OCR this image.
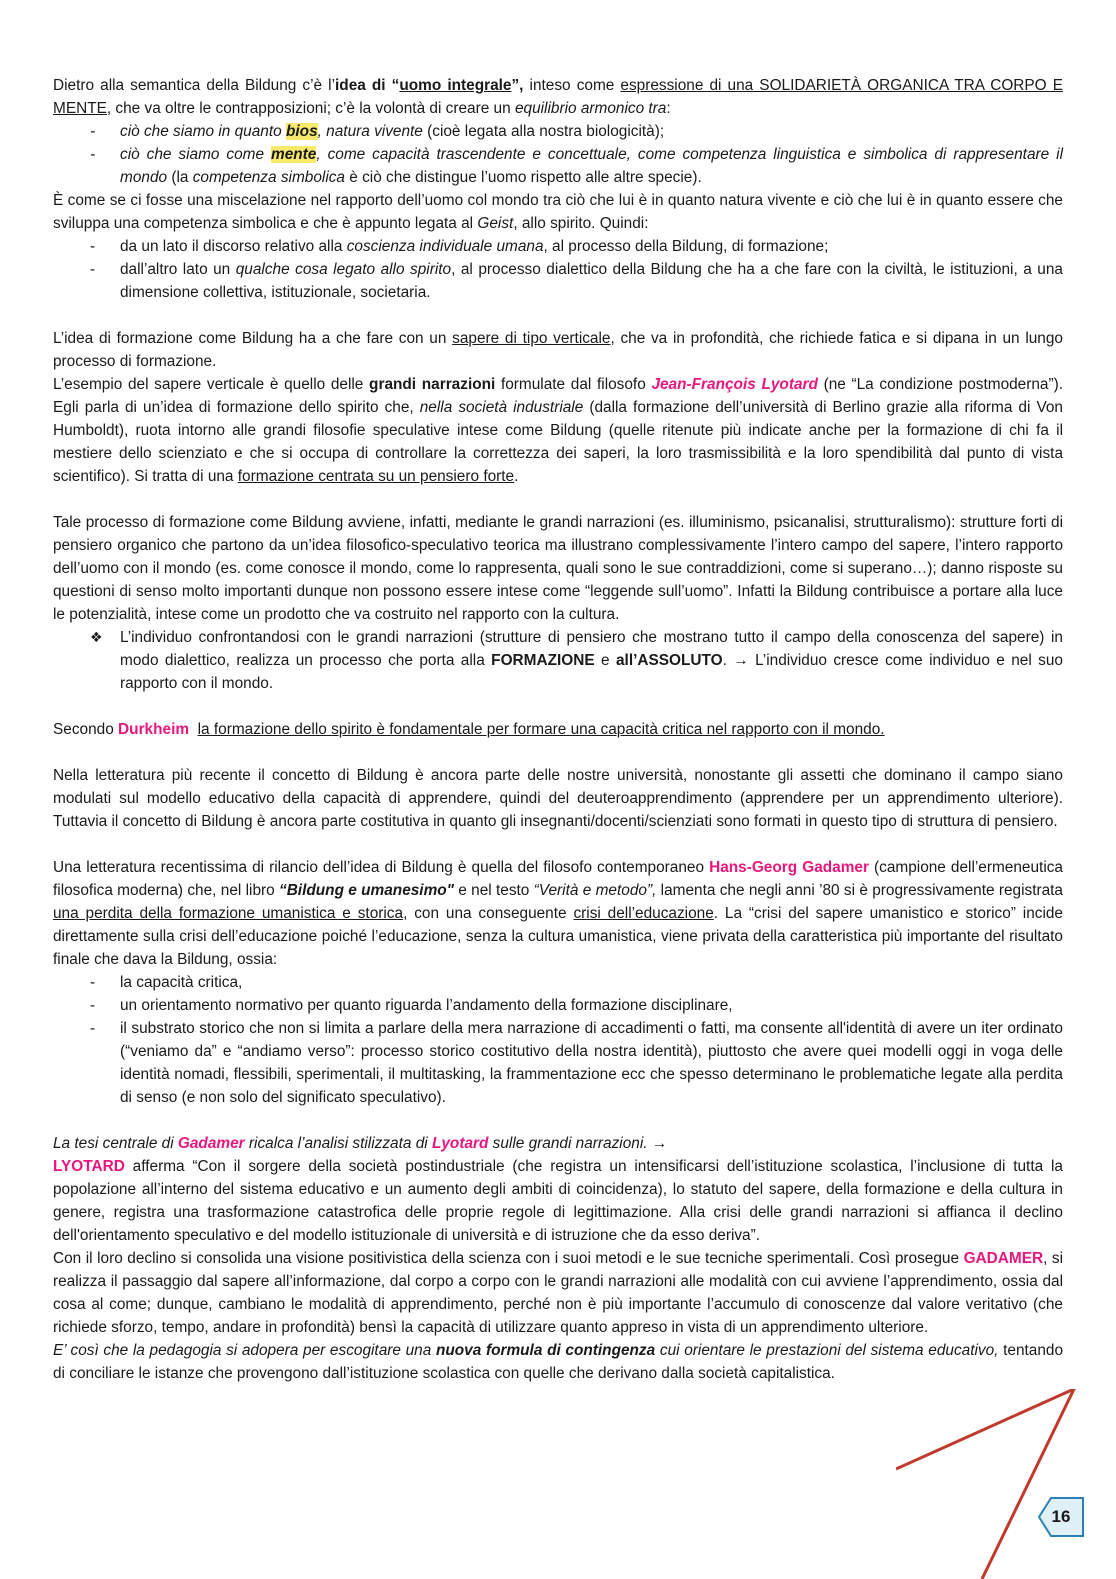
Dietro alla semantica della Bildung c’è l’idea di “uomo integrale”, inteso come espressione di una SOLIDARIETÀ ORGANICA TRA CORPO E MENTE, che va oltre le contrapposizioni; c’è la volontà di creare un equilibrio armonico tra:

- ciò che siamo in quanto bios, natura vivente (cioè legata alla nostra biologicità);
- ciò che siamo come mente, come capacità trascendente e concettuale, come competenza linguistica e simbolica di rappresentare il mondo (la competenza simbolica è ciò che distingue l’uomo rispetto alle altre specie).

È come se ci fosse una miscelazione nel rapporto dell’uomo col mondo tra ciò che lui è in quanto natura vivente e ciò che lui è in quanto essere che sviluppa una competenza simbolica e che è appunto legata al Geist, allo spirito. Quindi:

- da un lato il discorso relativo alla coscienza individuale umana, al processo della Bildung, di formazione;
- dall’altro lato un qualche cosa legato allo spirito, al processo dialettico della Bildung che ha a che fare con la civiltà, le istituzioni, a una dimensione collettiva, istituzionale, societaria.

L’idea di formazione come Bildung ha a che fare con un sapere di tipo verticale, che va in profondità, che richiede fatica e si dipana in un lungo processo di formazione.

L’esempio del sapere verticale è quello delle grandi narrazioni formulate dal filosofo Jean-François Lyotard (ne “La condizione postmoderna”). Egli parla di un’idea di formazione dello spirito che, nella società industriale (dalla formazione dell’università di Berlino grazie alla riforma di Von Humboldt), ruota intorno alle grandi filosofie speculative intese come Bildung (quelle ritenute più indicate anche per la formazione di chi fa il mestiere dello scienziato e che si occupa di controllare la correttezza dei saperi, la loro trasmissibilità e la loro spendibilità dal punto di vista scientifico). Si tratta di una formazione centrata su un pensiero forte.

Tale processo di formazione come Bildung avviene, infatti, mediante le grandi narrazioni (es. illuminismo, psicanalisi, strutturalismo): strutture forti di pensiero organico che partono da un’idea filosofico-speculativo teorica ma illustrano complessivamente l’intero campo del sapere, l’intero rapporto dell’uomo con il mondo (es. come conosce il mondo, come lo rappresenta, quali sono le sue contraddizioni, come si superano…); danno risposte su questioni di senso molto importanti dunque non possono essere intese come “leggende sull’uomo”. Infatti la Bildung contribuisce a portare alla luce le potenzialità, intese come un prodotto che va costruito nel rapporto con la cultura.

❖ L’individuo confrontandosi con le grandi narrazioni (strutture di pensiero che mostrano tutto il campo della conoscenza del sapere) in modo dialettico, realizza un processo che porta alla FORMAZIONE e all’ASSOLUTO. → L’individuo cresce come individuo e nel suo rapporto con il mondo.

Secondo Durkheim la formazione dello spirito è fondamentale per formare una capacità critica nel rapporto con il mondo.

Nella letteratura più recente il concetto di Bildung è ancora parte delle nostre università, nonostante gli assetti che dominano il campo siano modulati sul modello educativo della capacità di apprendere, quindi del deuteroapprendimento (apprendere per un apprendimento ulteriore). Tuttavia il concetto di Bildung è ancora parte costitutiva in quanto gli insegnanti/docenti/scienziati sono formati in questo tipo di struttura di pensiero.

Una letteratura recentissima di rilancio dell’idea di Bildung è quella del filosofo contemporaneo Hans-Georg Gadamer (campione dell’ermeneutica filosofica moderna) che, nel libro “Bildung e umanesimo" e nel testo “Verità e metodo”, lamenta che negli anni ’80 si è progressivamente registrata una perdita della formazione umanistica e storica, con una conseguente crisi dell’educazione. La “crisi del sapere umanistico e storico” incide direttamente sulla crisi dell’educazione poiché l’educazione, senza la cultura umanistica, viene privata della caratteristica più importante del risultato finale che dava la Bildung, ossia:

- la capacità critica,
- un orientamento normativo per quanto riguarda l’andamento della formazione disciplinare,
- il substrato storico che non si limita a parlare della mera narrazione di accadimenti o fatti, ma consente all'identità di avere un iter ordinato (“veniamo da” e “andiamo verso”: processo storico costitutivo della nostra identità), piuttosto che avere quei modelli oggi in voga delle identità nomadi, flessibili, sperimentali, il multitasking, la frammentazione ecc che spesso determinano le problematiche legate alla perdita di senso (e non solo del significato speculativo).

La tesi centrale di Gadamer ricalca l’analisi stilizzata di Lyotard sulle grandi narrazioni. →

LYOTARD afferma “Con il sorgere della società postindustriale (che registra un intensificarsi dell’istituzione scolastica, l’inclusione di tutta la popolazione all’interno del sistema educativo e un aumento degli ambiti di coincidenza), lo statuto del sapere, della formazione e della cultura in genere, registra una trasformazione catastrofica delle proprie regole di legittimazione. Alla crisi delle grandi narrazioni si affianca il declino dell'orientamento speculativo e del modello istituzionale di università e di istruzione che da esso deriva”.

Con il loro declino si consolida una visione positivistica della scienza con i suoi metodi e le sue tecniche sperimentali. Così prosegue GADAMER, si realizza il passaggio dal sapere all’informazione, dal corpo a corpo con le grandi narrazioni alle modalità con cui avviene l’apprendimento, ossia dal cosa al come; dunque, cambiano le modalità di apprendimento, perché non è più importante l’accumulo di conoscenze dal valore veritativo (che richiede sforzo, tempo, andare in profondità) bensì la capacità di utilizzare quanto appreso in vista di un apprendimento ulteriore.

E’ così che la pedagogia si adopera per escogitare una nuova formula di contingenza cui orientare le prestazioni del sistema educativo, tentando di conciliare le istanze che provengono dall’istituzione scolastica con quelle che derivano dalla società capitalistica.

16
